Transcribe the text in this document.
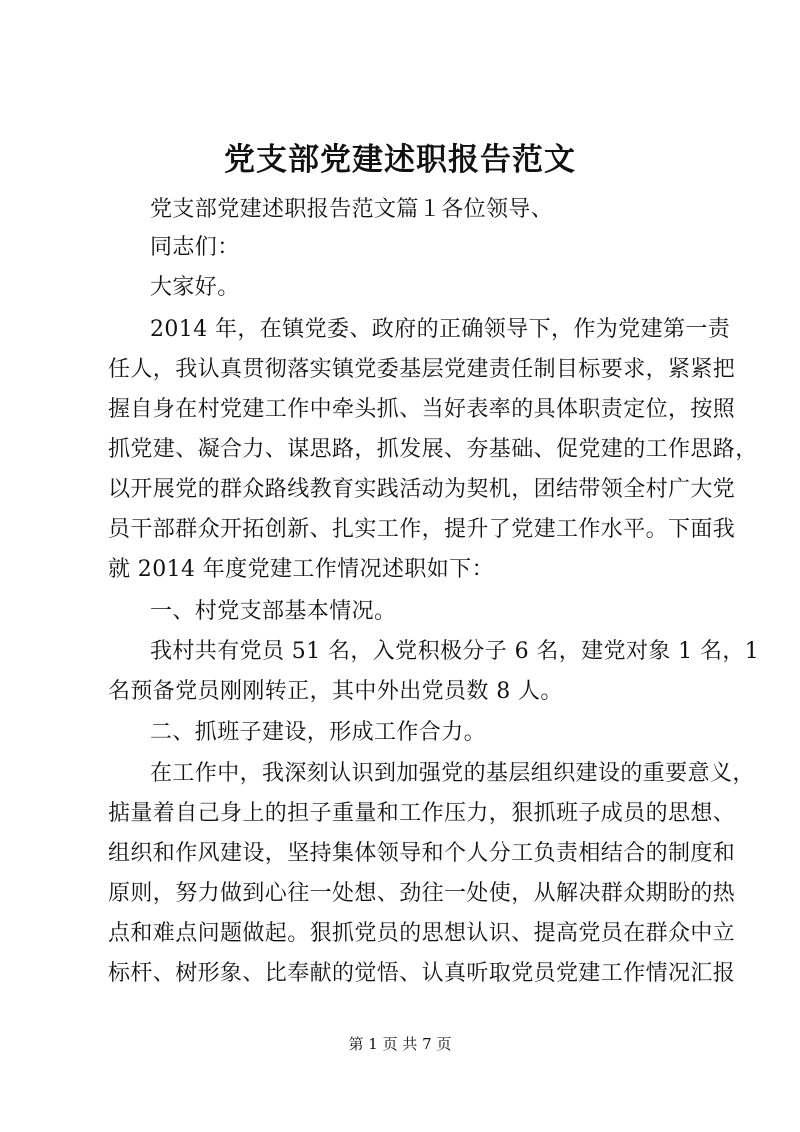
党支部党建述职报告范文
党支部党建述职报告范文篇１各位领导、
同志们：
大家好。
2014 年，在镇党委、政府的正确领导下，作为党建第一责
任人，我认真贯彻落实镇党委基层党建责任制目标要求，紧紧把
握自身在村党建工作中牵头抓、当好表率的具体职责定位，按照
抓党建、凝合力、谋思路，抓发展、夯基础、促党建的工作思路，
以开展党的群众路线教育实践活动为契机，团结带领全村广大党
员干部群众开拓创新、扎实工作，提升了党建工作水平。下面我
就 2014 年度党建工作情况述职如下：
一、村党支部基本情况。
我村共有党员 51 名，入党积极分子 6 名，建党对象 1 名，1
名预备党员刚刚转正，其中外出党员数 8 人。
二、抓班子建设，形成工作合力。
在工作中，我深刻认识到加强党的基层组织建设的重要意义，
掂量着自己身上的担子重量和工作压力，狠抓班子成员的思想、
组织和作风建设，坚持集体领导和个人分工负责相结合的制度和
原则，努力做到心往一处想、劲往一处使，从解决群众期盼的热
点和难点问题做起。狠抓党员的思想认识、提高党员在群众中立
标杆、树形象、比奉献的觉悟、认真听取党员党建工作情况汇报
第 1 页 共 7 页
